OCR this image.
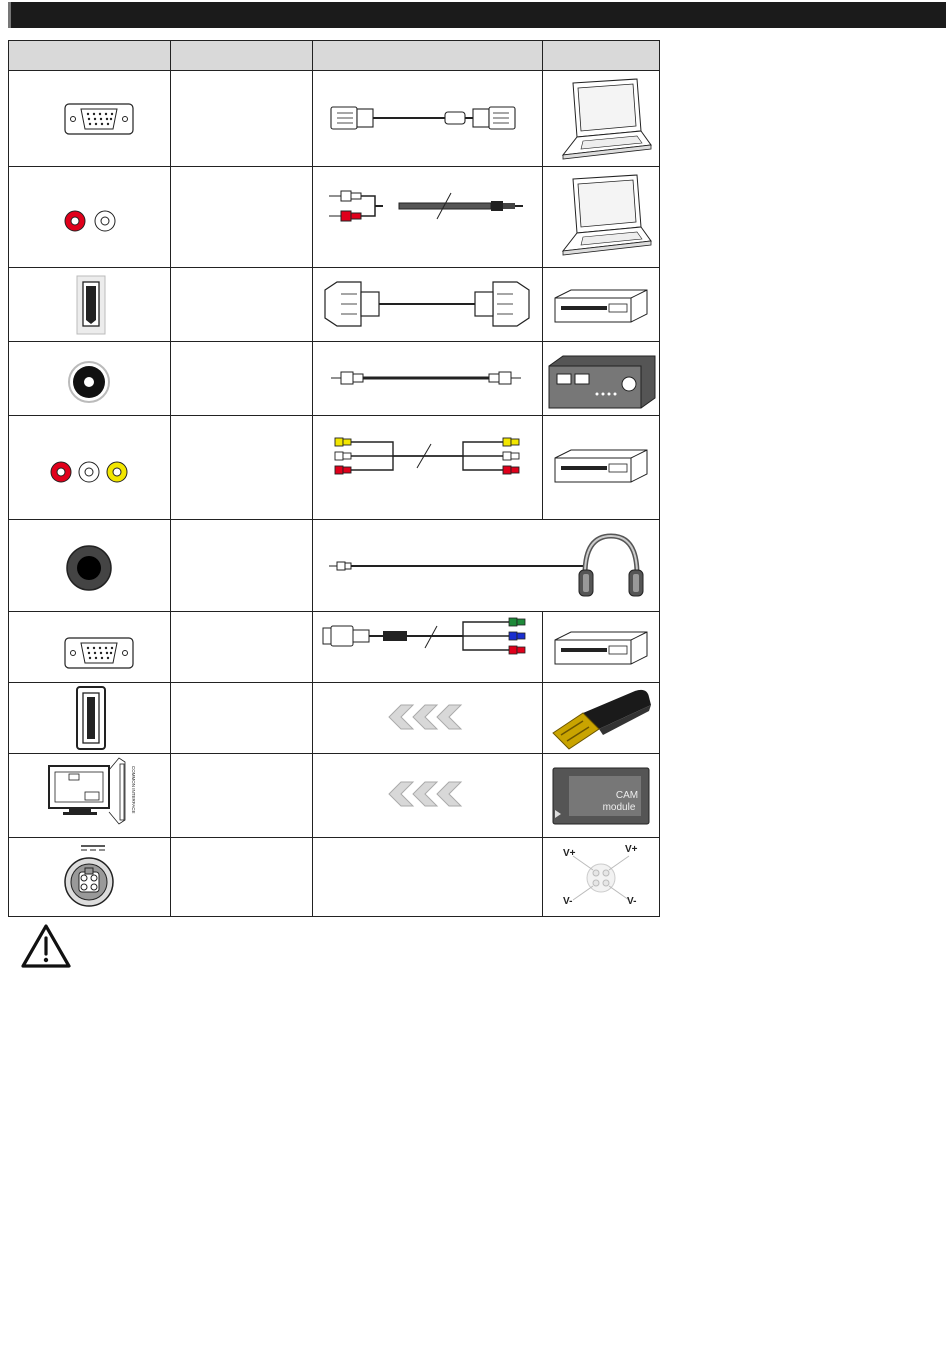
COMMON INTERFACE			CAM
module

V+ V+
V- V-
